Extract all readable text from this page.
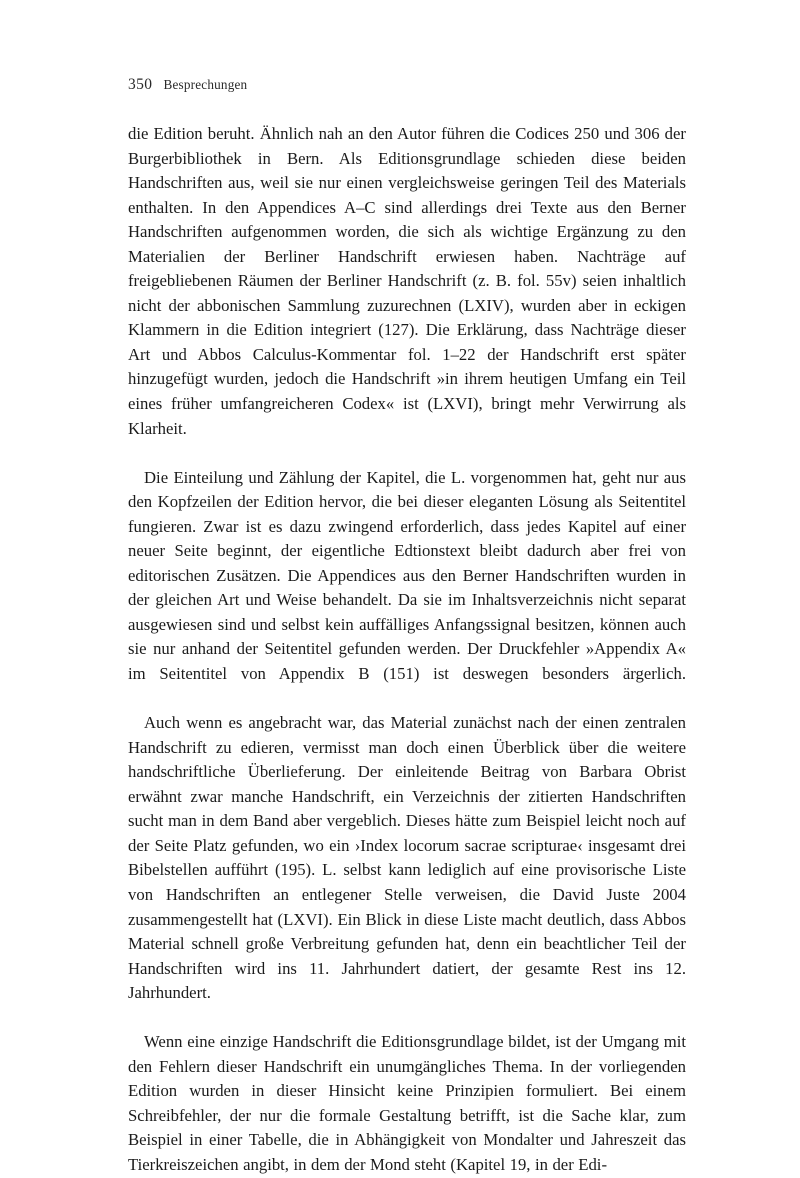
350 Besprechungen

die Edition beruht. Ähnlich nah an den Autor führen die Codices 250 und 306 der Burgerbibliothek in Bern. Als Editionsgrundlage schieden diese beiden Handschriften aus, weil sie nur einen vergleichsweise geringen Teil des Materials enthalten. In den Appendices A–C sind allerdings drei Texte aus den Berner Handschriften aufgenommen worden, die sich als wichtige Ergänzung zu den Materialien der Berliner Handschrift erwiesen haben. Nachträge auf freigebliebenen Räumen der Berliner Handschrift (z. B. fol. 55v) seien inhaltlich nicht der abbonischen Sammlung zuzurechnen (LXIV), wurden aber in eckigen Klammern in die Edition integriert (127). Die Erklärung, dass Nachträge dieser Art und Abbos Calculus-Kommentar fol. 1–22 der Handschrift erst später hinzugefügt wurden, jedoch die Handschrift »in ihrem heutigen Umfang ein Teil eines früher umfangreicheren Codex« ist (LXVI), bringt mehr Verwirrung als Klarheit.

Die Einteilung und Zählung der Kapitel, die L. vorgenommen hat, geht nur aus den Kopfzeilen der Edition hervor, die bei dieser eleganten Lösung als Seitentitel fungieren. Zwar ist es dazu zwingend erforderlich, dass jedes Kapitel auf einer neuer Seite beginnt, der eigentliche Edtionstext bleibt dadurch aber frei von editorischen Zusätzen. Die Appendices aus den Berner Handschriften wurden in der gleichen Art und Weise behandelt. Da sie im Inhaltsverzeichnis nicht separat ausgewiesen sind und selbst kein auffälliges Anfangssignal besitzen, können auch sie nur anhand der Seitentitel gefunden werden. Der Druckfehler »Appendix A« im Seitentitel von Appendix B (151) ist deswegen besonders ärgerlich.

Auch wenn es angebracht war, das Material zunächst nach der einen zentralen Handschrift zu edieren, vermisst man doch einen Überblick über die weitere handschriftliche Überlieferung. Der einleitende Beitrag von Barbara Obrist erwähnt zwar manche Handschrift, ein Verzeichnis der zitierten Handschriften sucht man in dem Band aber vergeblich. Dieses hätte zum Beispiel leicht noch auf der Seite Platz gefunden, wo ein ›Index locorum sacrae scripturae‹ insgesamt drei Bibelstellen aufführt (195). L. selbst kann lediglich auf eine provisorische Liste von Handschriften an entlegener Stelle verweisen, die David Juste 2004 zusammengestellt hat (LXVI). Ein Blick in diese Liste macht deutlich, dass Abbos Material schnell große Verbreitung gefunden hat, denn ein beachtlicher Teil der Handschriften wird ins 11. Jahrhundert datiert, der gesamte Rest ins 12. Jahrhundert.

Wenn eine einzige Handschrift die Editionsgrundlage bildet, ist der Umgang mit den Fehlern dieser Handschrift ein unumgängliches Thema. In der vorliegenden Edition wurden in dieser Hinsicht keine Prinzipien formuliert. Bei einem Schreibfehler, der nur die formale Gestaltung betrifft, ist die Sache klar, zum Beispiel in einer Tabelle, die in Abhängigkeit von Mondalter und Jahreszeit das Tierkreiszeichen angibt, in dem der Mond steht (Kapitel 19, in der Edi-
